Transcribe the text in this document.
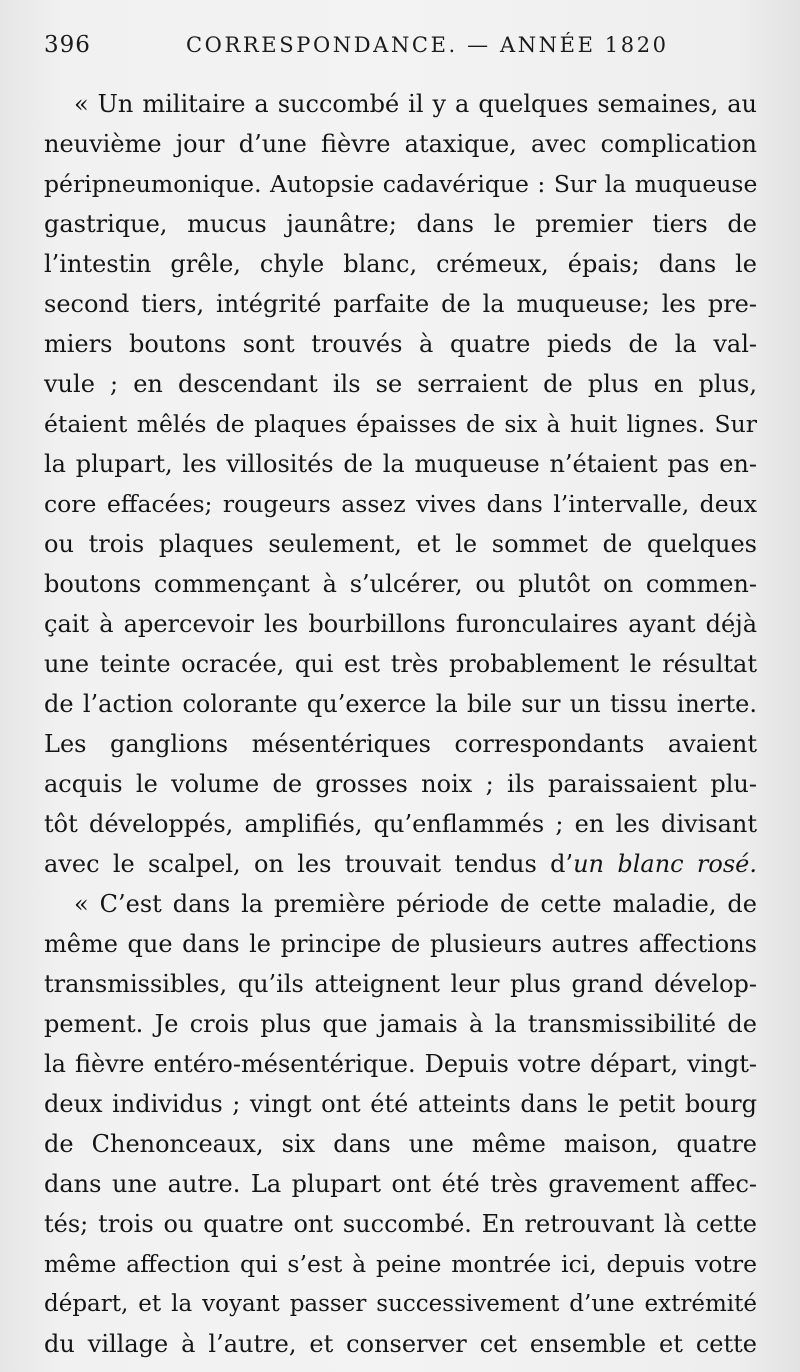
396	CORRESPONDANCE. — ANNÉE 1820
« Un militaire a succombé il y a quelques semaines, au
neuvième jour d’une fièvre ataxique, avec complication
péripneumonique. Autopsie cadavérique : Sur la muqueuse
gastrique, mucus jaunâtre; dans le premier tiers de
l’intestin grêle, chyle blanc, crémeux, épais; dans le
second tiers, intégrité parfaite de la muqueuse; les pre-
miers boutons sont trouvés à quatre pieds de la val-
vule ; en descendant ils se serraient de plus en plus,
étaient mêlés de plaques épaisses de six à huit lignes. Sur
la plupart, les villosités de la muqueuse n’étaient pas en-
core effacées; rougeurs assez vives dans l’intervalle, deux
ou trois plaques seulement, et le sommet de quelques
boutons commençant à s’ulcérer, ou plutôt on commen-
çait à apercevoir les bourbillons furonculaires ayant déjà
une teinte ocracée, qui est très probablement le résultat
de l’action colorante qu’exerce la bile sur un tissu inerte.
Les ganglions mésentériques correspondants avaient
acquis le volume de grosses noix ; ils paraissaient plu-
tôt développés, amplifiés, qu’enflammés ; en les divisant
avec le scalpel, on les trouvait tendus d’un blanc rosé.
« C’est dans la première période de cette maladie, de
même que dans le principe de plusieurs autres affections
transmissibles, qu’ils atteignent leur plus grand dévelop-
pement. Je crois plus que jamais à la transmissibilité de
la fièvre entéro-mésentérique. Depuis votre départ, vingt-
deux individus ; vingt ont été atteints dans le petit bourg
de Chenonceaux, six dans une même maison, quatre
dans une autre. La plupart ont été très gravement affec-
tés; trois ou quatre ont succombé. En retrouvant là cette
même affection qui s’est à peine montrée ici, depuis votre
départ, et la voyant passer successivement d’une extrémité
du village à l’autre, et conserver cet ensemble et cette
